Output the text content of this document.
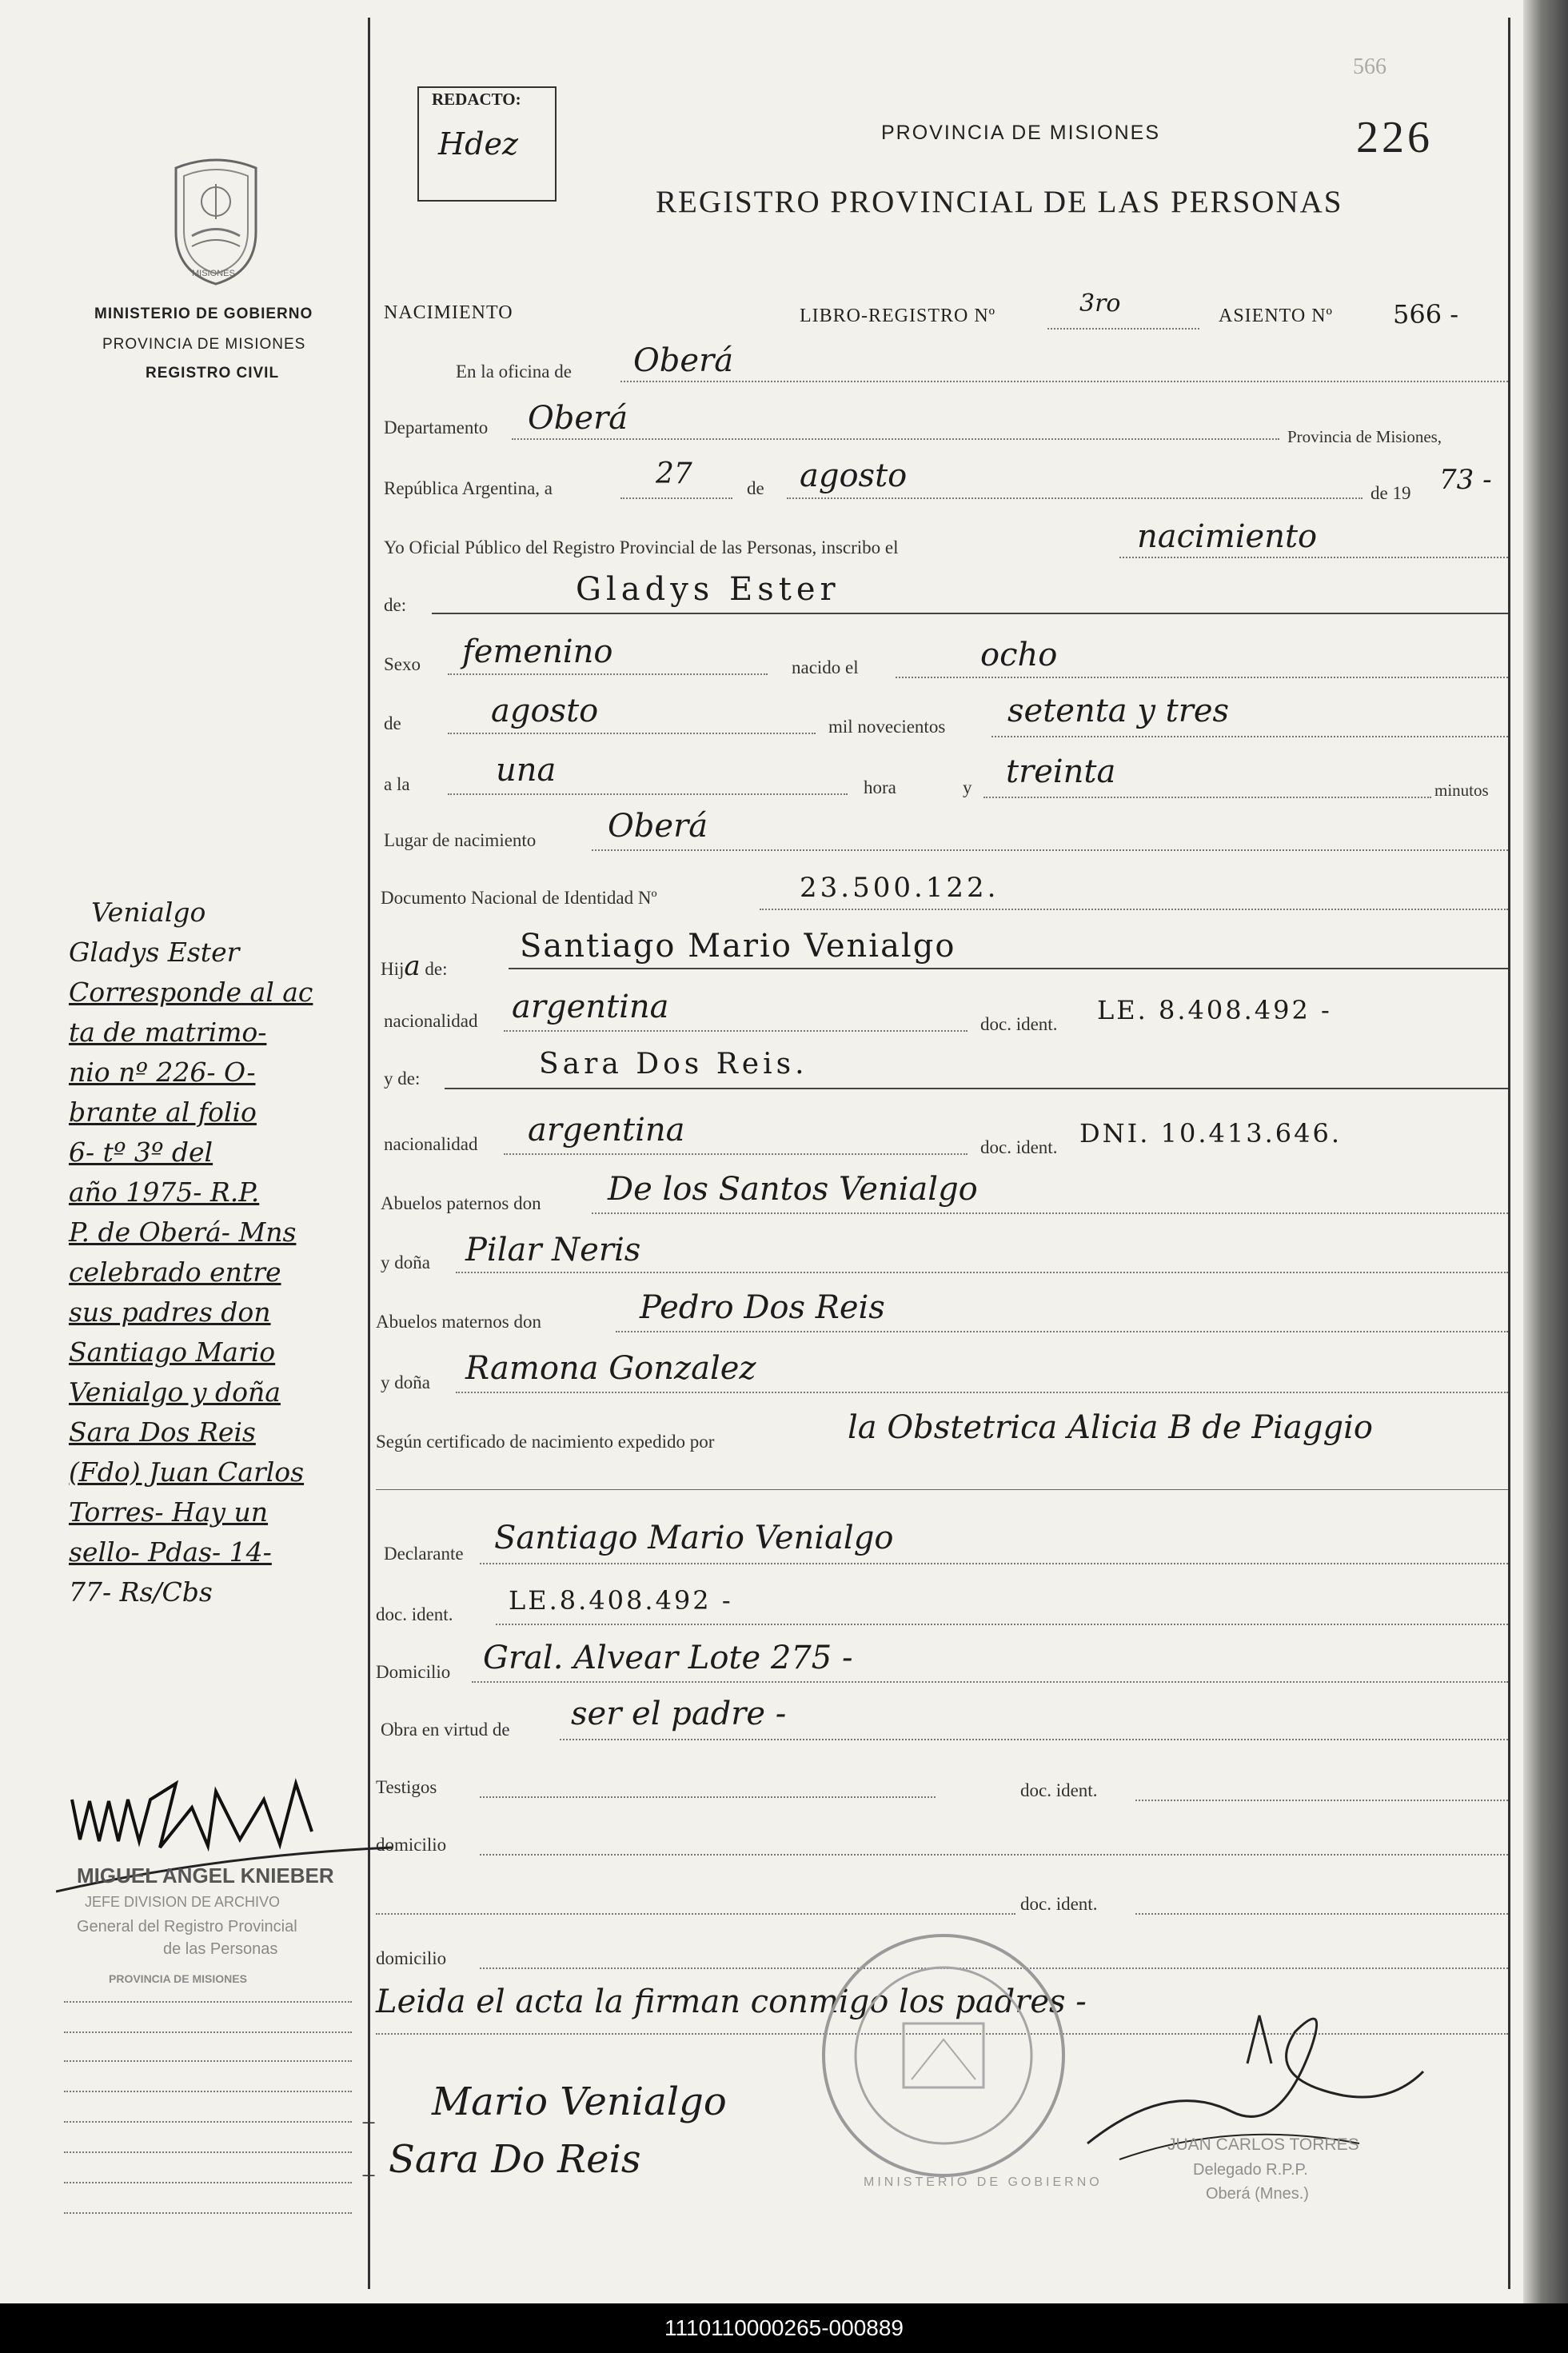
566
REDACTO:
Hdez	PROVINCIA DE MISIONES	226
REGISTRO PROVINCIAL DE LAS PERSONAS
MISIONES
MINISTERIO DE GOBIERNO
PROVINCIA DE MISIONES
REGISTRO CIVIL
NACIMIENTO	LIBRO-REGISTRO Nº	3ro	ASIENTO Nº 566 -
En la oficina de Oberá
Departamento Oberá	Provincia de Misiones,
República Argentina, a	27	de agosto	de 19 73 -
Yo Oficial Público del Registro Provincial de las Personas, inscribo el	nacimiento
de:	Gladys Ester
Sexo femenino	nacido el	ocho
de	agosto	mil novecientos setenta y tres
a la	una	hora	y treinta	minutos
Lugar de nacimiento Oberá
Documento Nacional de Identidad Nº	23.500.122.
Hija de:
Santiago Mario Venialgo
nacionalidad argentina	doc. ident. LE. 8.408.492 -
y de:	Sara Dos Reis.
nacionalidad argentina	doc. ident. DNI. 10.413.646.
Abuelos paternos don De los Santos Venialgo
y doña Pilar Neris
Abuelos maternos don	Pedro Dos Reis
y doña Ramona Gonzalez
Según certificado de nacimiento expedido por	la Obstetrica Alicia B de Piaggio
Declarante Santiago Mario Venialgo
doc. ident. LE.8.408.492 -
Domicilio Gral. Alvear Lote 275 -
Obra en virtud de ser el padre -
Testigos	doc. ident.
domicilio
doc. ident.
domicilio
Leida el acta la firman conmigo los padres -
+ Mario Venialgo
+ Sara Do Reis
Venialgo
Gladys Ester
Corresponde al ac
ta de matrimo-
nio nº 226- O-
brante al folio
6- tº 3º del
año 1975- R.P.
P. de Oberá- Mns
celebrado entre
sus padres don
Santiago Mario
Venialgo y doña
Sara Dos Reis
(Fdo) Juan Carlos
Torres- Hay un
sello- Pdas- 14-
77- Rs/Cbs
MIGUEL ANGEL KNIEBER
JEFE DIVISION DE ARCHIVO
General del Registro Provincial
de las Personas
PROVINCIA DE MISIONES
MINISTERIO DE GOBIERNO
JUAN CARLOS TORRES
Delegado R.P.P.
Oberá (Mnes.)
1110110000265-000889
